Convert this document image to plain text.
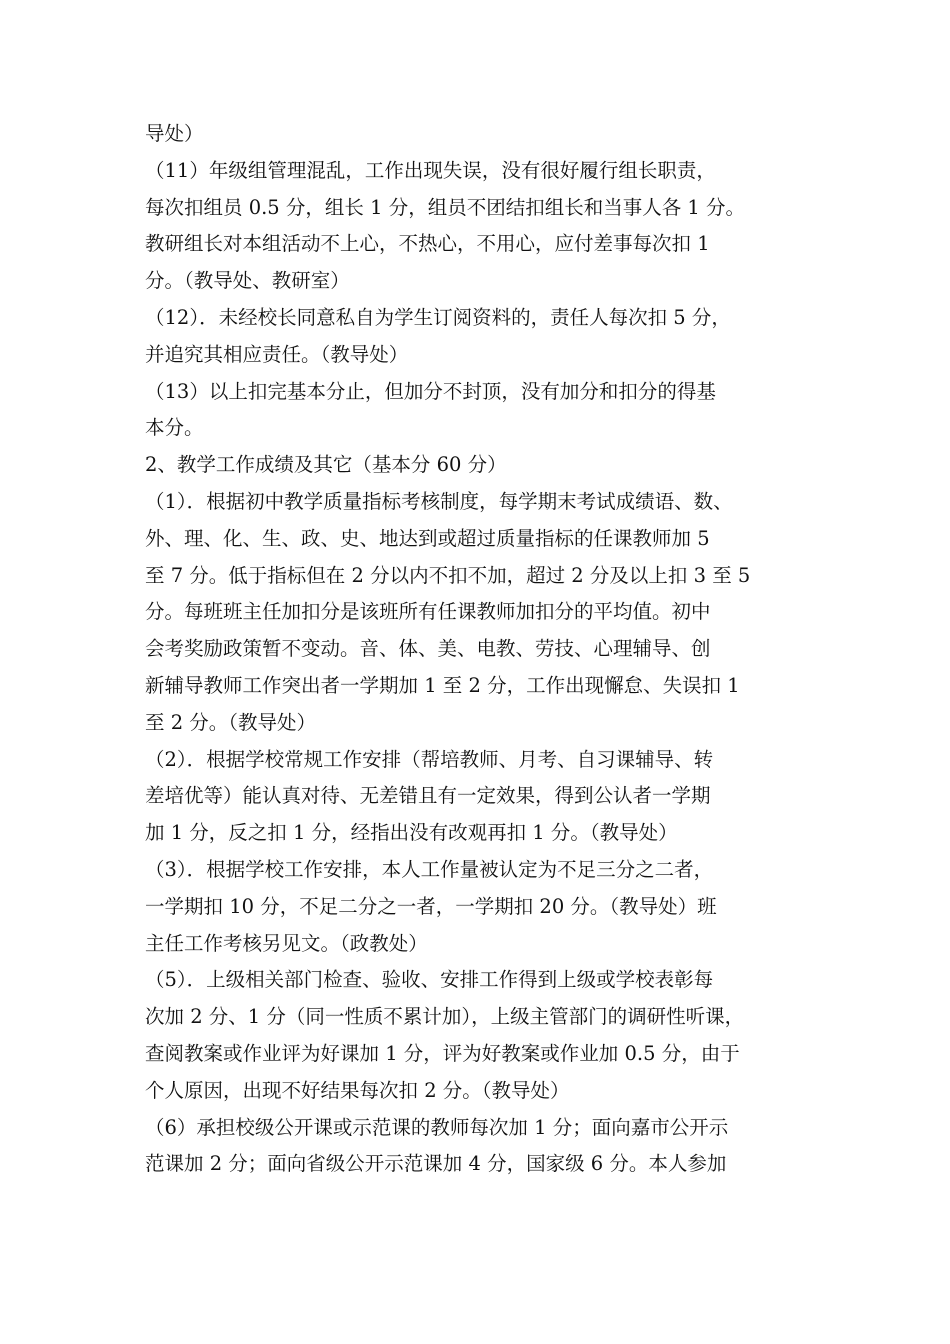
导处）
（11）年级组管理混乱，工作出现失误，没有很好履行组长职责，
每次扣组员 0.5 分，组长 1 分，组员不团结扣组长和当事人各 1 分。
教研组长对本组活动不上心，不热心，不用心，应付差事每次扣 1
分。（教导处、教研室）
（12）．未经校长同意私自为学生订阅资料的，责任人每次扣 5 分，
并追究其相应责任。（教导处）
（13）以上扣完基本分止，但加分不封顶，没有加分和扣分的得基
本分。
2、教学工作成绩及其它（基本分 60 分）
（1）．根据初中教学质量指标考核制度，每学期末考试成绩语、数、
外、理、化、生、政、史、地达到或超过质量指标的任课教师加 5
至 7 分。低于指标但在 2 分以内不扣不加，超过 2 分及以上扣 3 至 5
分。每班班主任加扣分是该班所有任课教师加扣分的平均值。初中
会考奖励政策暂不变动。音、体、美、电教、劳技、心理辅导、创
新辅导教师工作突出者一学期加 1 至 2 分，工作出现懈怠、失误扣 1
至 2 分。（教导处）
（2）．根据学校常规工作安排（帮培教师、月考、自习课辅导、转
差培优等）能认真对待、无差错且有一定效果，得到公认者一学期
加 1 分，反之扣 1 分，经指出没有改观再扣 1 分。（教导处）
（3）．根据学校工作安排，本人工作量被认定为不足三分之二者，
一学期扣 10 分，不足二分之一者，一学期扣 20 分。（教导处）班
主任工作考核另见文。（政教处）
（5）．上级相关部门检查、验收、安排工作得到上级或学校表彰每
次加 2 分、1 分（同一性质不累计加），上级主管部门的调研性听课，
查阅教案或作业评为好课加 1 分，评为好教案或作业加 0.5 分，由于
个人原因，出现不好结果每次扣 2 分。（教导处）
（6）承担校级公开课或示范课的教师每次加 1 分；面向嘉市公开示
范课加 2 分；面向省级公开示范课加 4 分，国家级 6 分。本人参加
